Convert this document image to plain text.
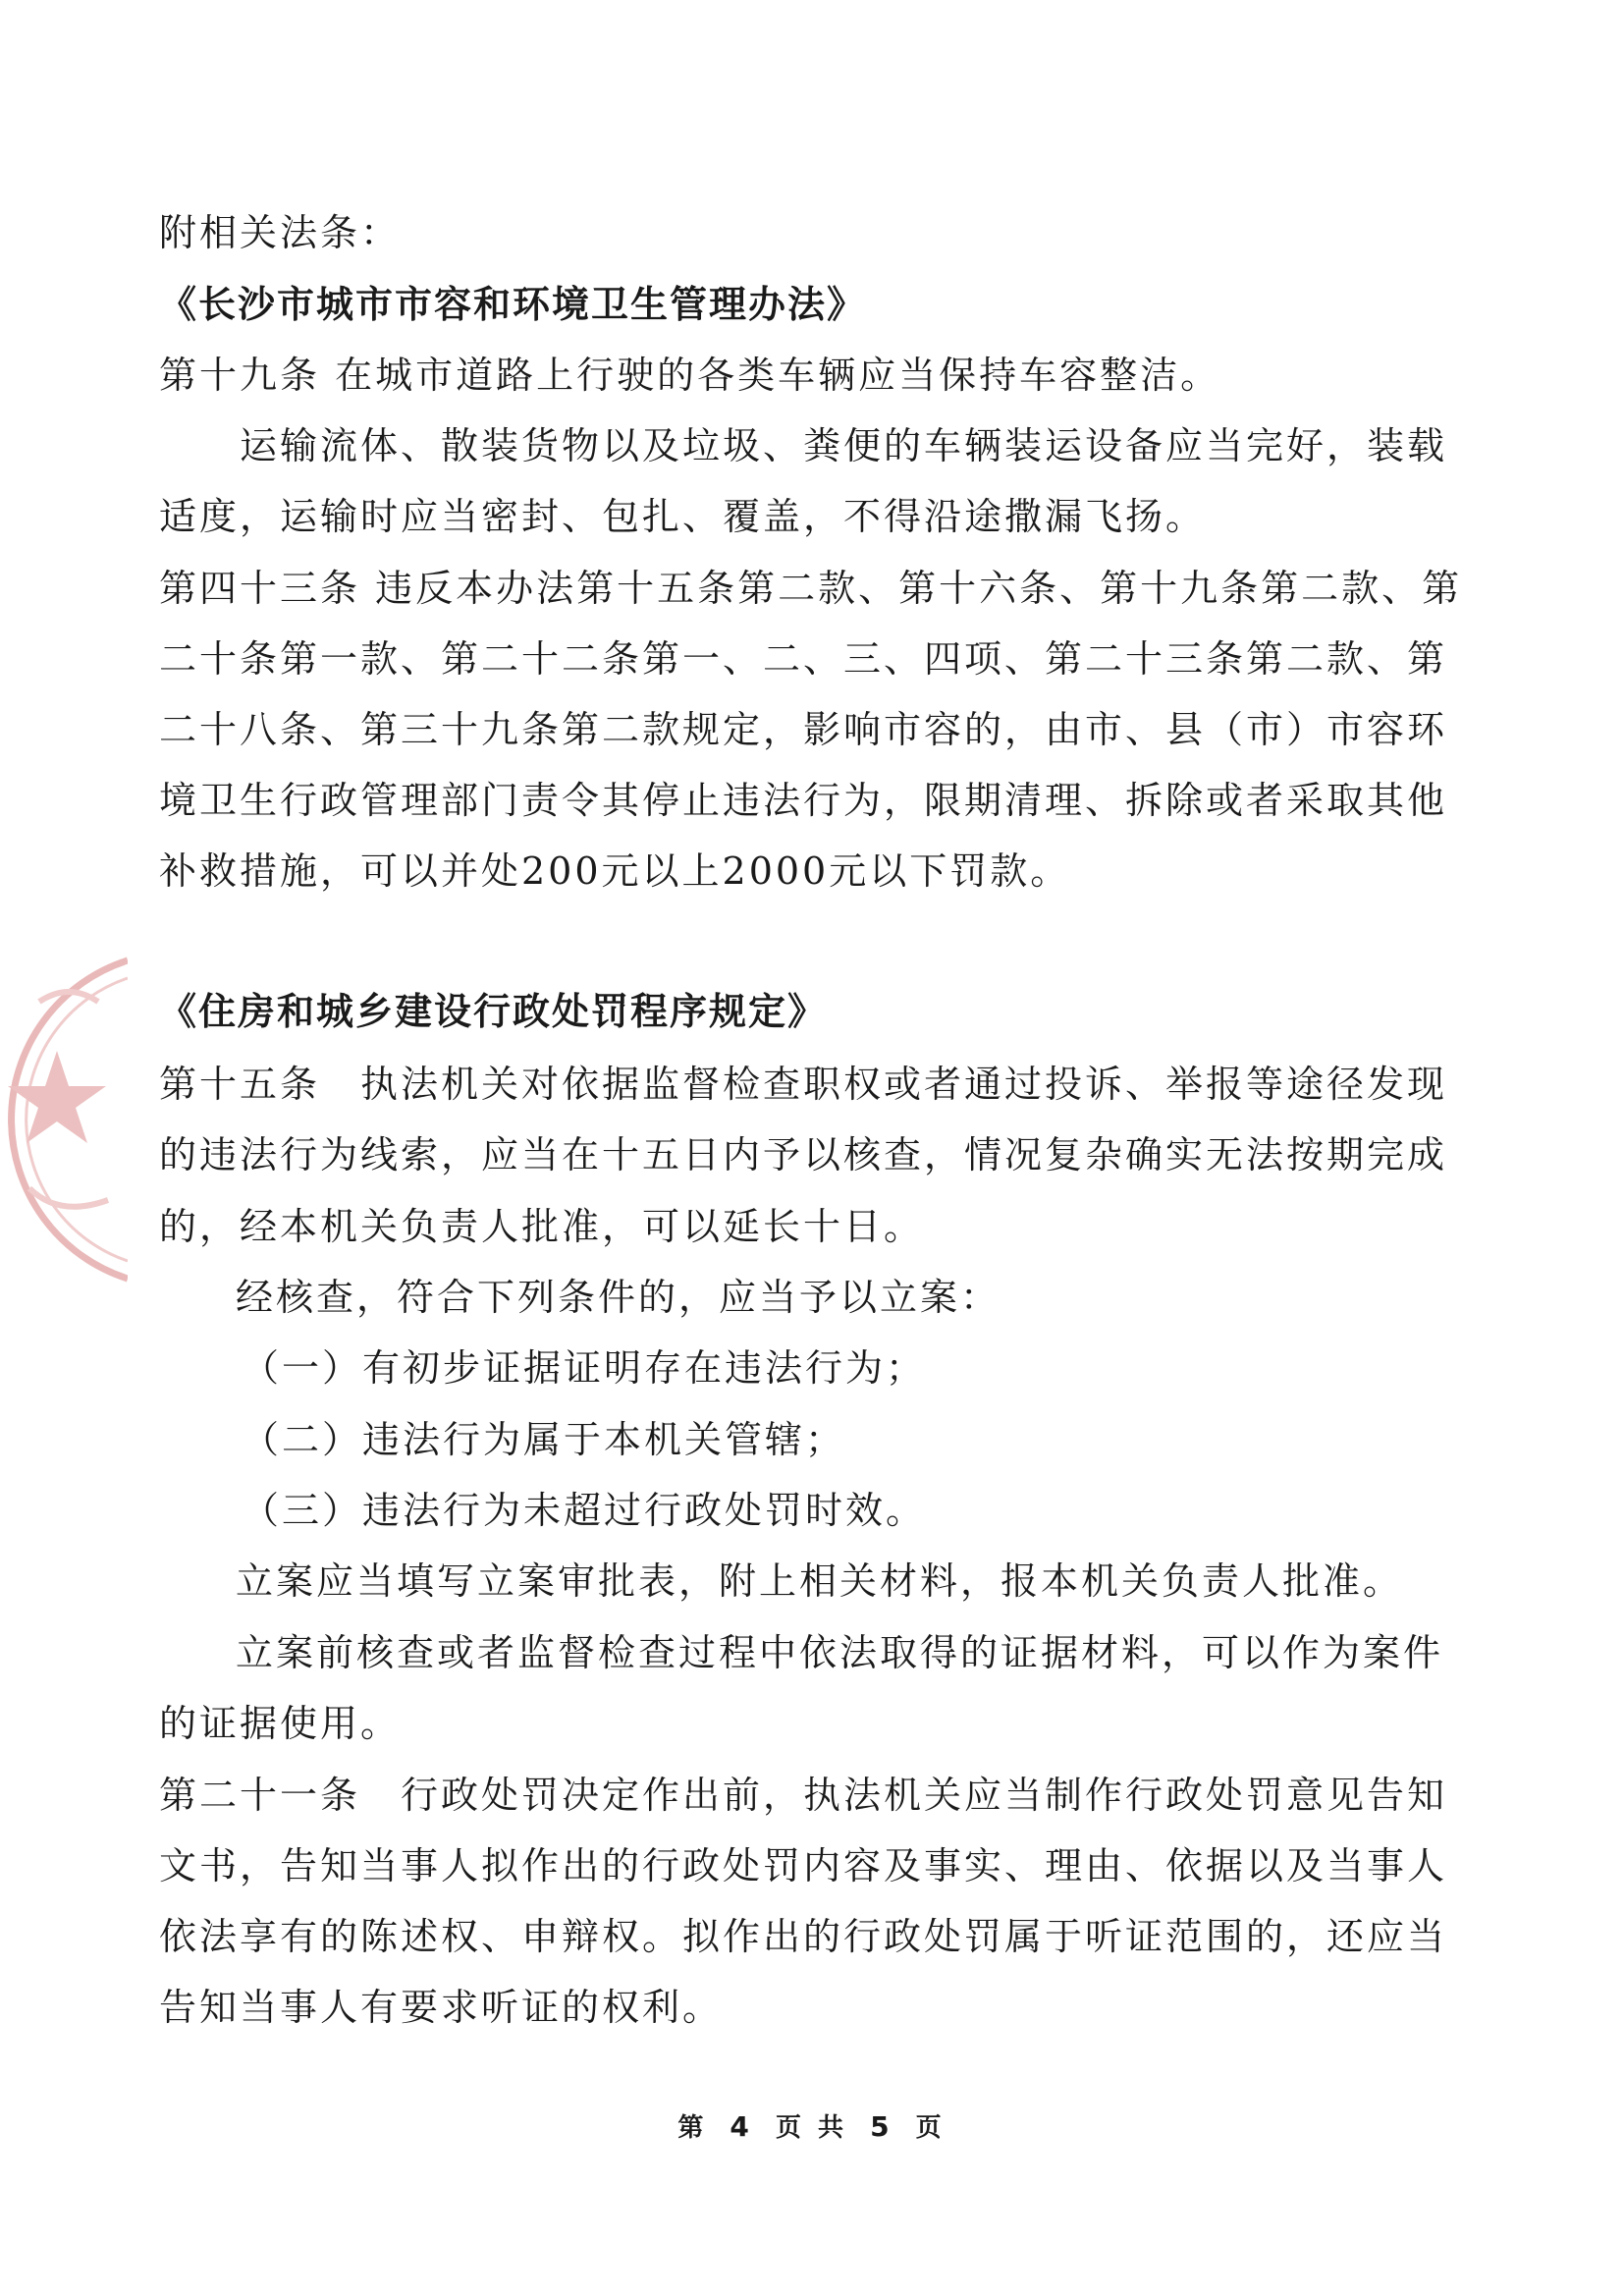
附相关法条：
《长沙市城市市容和环境卫生管理办法》
第十九条 在城市道路上行驶的各类车辆应当保持车容整洁。
运输流体、散装货物以及垃圾、粪便的车辆装运设备应当完好，装载
适度，运输时应当密封、包扎、覆盖，不得沿途撒漏飞扬。
第四十三条 违反本办法第十五条第二款、第十六条、第十九条第二款、第
二十条第一款、第二十二条第一、二、三、四项、第二十三条第二款、第
二十八条、第三十九条第二款规定，影响市容的，由市、县（市）市容环
境卫生行政管理部门责令其停止违法行为，限期清理、拆除或者采取其他
补救措施，可以并处200元以上2000元以下罚款。
《住房和城乡建设行政处罚程序规定》
第十五条　执法机关对依据监督检查职权或者通过投诉、举报等途径发现
的违法行为线索，应当在十五日内予以核查，情况复杂确实无法按期完成
的，经本机关负责人批准，可以延长十日。
经核查，符合下列条件的，应当予以立案：
（一）有初步证据证明存在违法行为；
（二）违法行为属于本机关管辖；
（三）违法行为未超过行政处罚时效。
立案应当填写立案审批表，附上相关材料，报本机关负责人批准。
立案前核查或者监督检查过程中依法取得的证据材料，可以作为案件
的证据使用。
第二十一条　行政处罚决定作出前，执法机关应当制作行政处罚意见告知
文书，告知当事人拟作出的行政处罚内容及事实、理由、依据以及当事人
依法享有的陈述权、申辩权。拟作出的行政处罚属于听证范围的，还应当
告知当事人有要求听证的权利。
第 4 页 共 5 页
